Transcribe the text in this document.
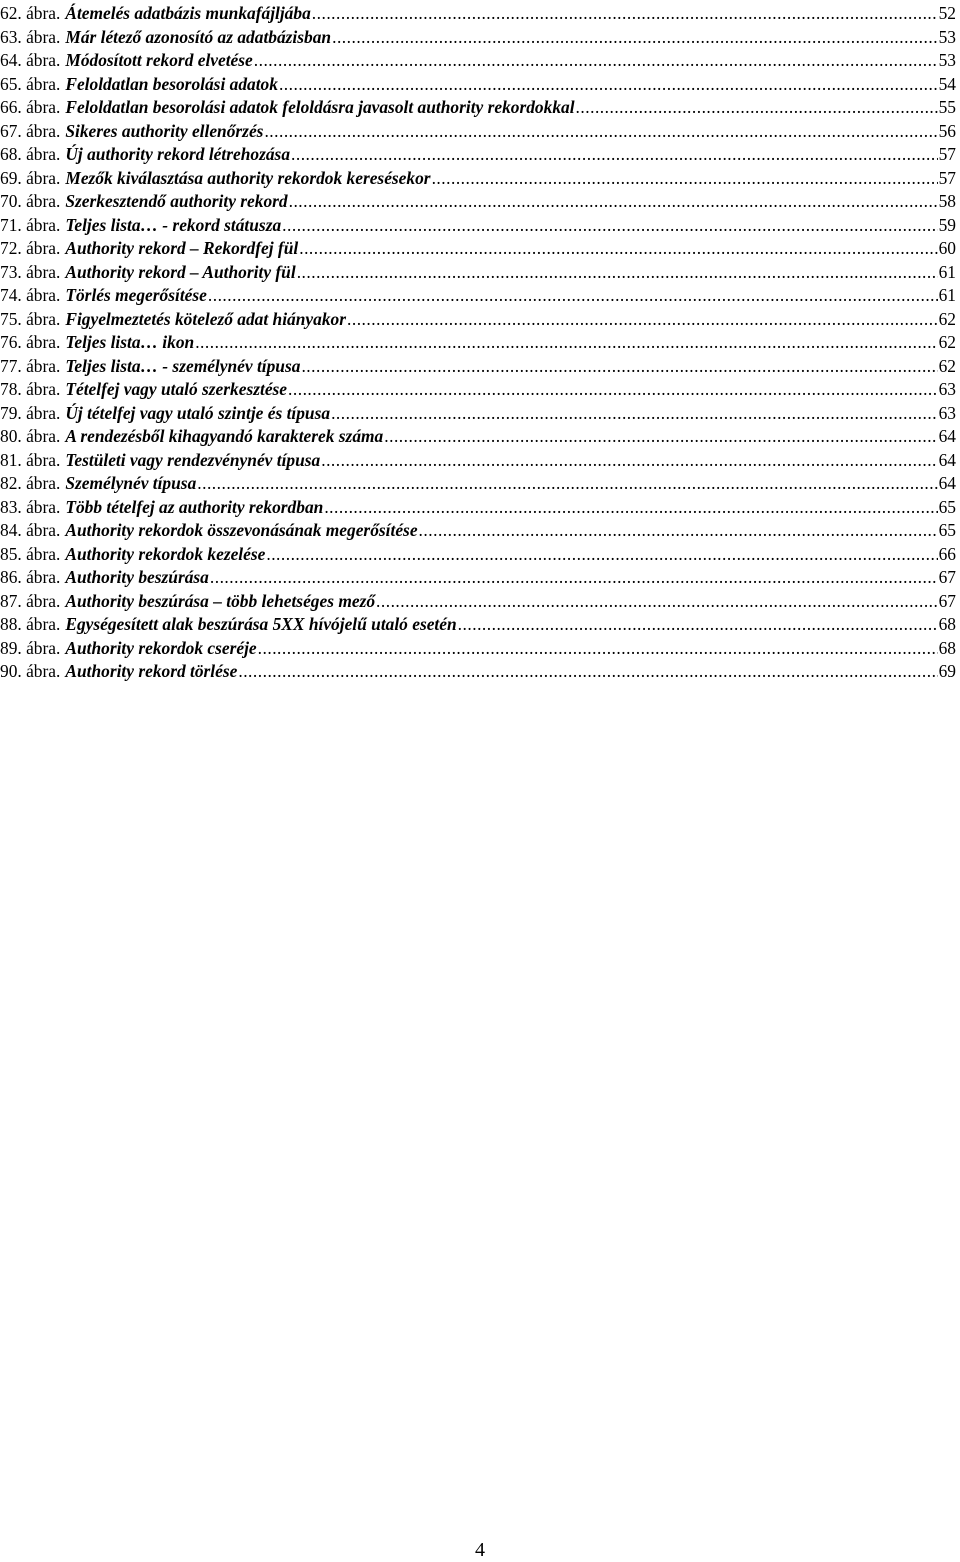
62. ábra. Átemelés adatbázis munkafájljába .....	52
63. ábra. Már létező azonosító az adatbázisban .....	53
64. ábra. Módosított rekord elvetése .....	53
65. ábra. Feloldatlan besorolási adatok .....	54
66. ábra. Feloldatlan besorolási adatok feloldásra javasolt authority rekordokkal .....	55
67. ábra. Sikeres authority ellenőrzés .....	56
68. ábra. Új authority rekord létrehozása .....	57
69. ábra. Mezők kiválasztása authority rekordok keresésekor .....	57
70. ábra. Szerkesztendő authority rekord .....	58
71. ábra. Teljes lista… - rekord státusza .....	59
72. ábra. Authority rekord – Rekordfej fül .....	60
73. ábra. Authority rekord – Authority fül .....	61
74. ábra. Törlés megerősítése .....	61
75. ábra. Figyelmeztetés kötelező adat hiányakor .....	62
76. ábra. Teljes lista… ikon .....	62
77. ábra. Teljes lista… - személynév típusa .....	62
78. ábra. Tételfej vagy utaló szerkesztése .....	63
79. ábra. Új tételfej vagy utaló szintje és típusa .....	63
80. ábra. A rendezésből kihagyandó karakterek száma .....	64
81. ábra. Testületi vagy rendezvénynév típusa .....	64
82. ábra. Személynév típusa .....	64
83. ábra. Több tételfej az authority rekordban .....	65
84. ábra. Authority rekordok összevonásának megerősítése .....	65
85. ábra. Authority rekordok kezelése .....	66
86. ábra. Authority beszúrása .....	67
87. ábra. Authority beszúrása – több lehetséges mező .....	67
88. ábra. Egységesített alak beszúrása 5XX hívójelű utaló esetén .....	68
89. ábra. Authority rekordok cseréje .....	68
90. ábra. Authority rekord törlése .....	69
4
